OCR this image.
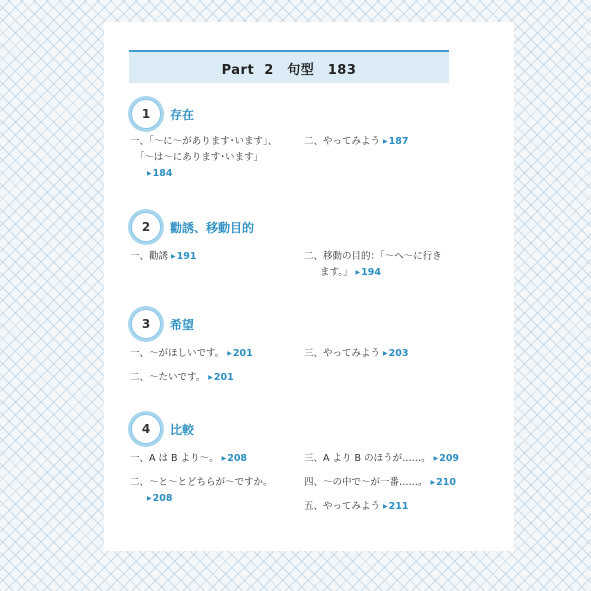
Part 2　句型　183
1 存在
一、「～に～があります･います」、
　「～は～にあります･います」
▶184
二、やってみよう ▶187
2 勸誘、移動目的
一、勸誘 ▶191	二、移動の目的：「～へ～に行き
ます。」 ▶194
3 希望
一、～がほしいです。 ▶201	三、やってみよう ▶203
二、～たいです。 ▶201
4 比較
一、A は B より～。 ▶208	三、A より B のほうが……。 ▶209
二、～と～とどちらが～ですか。
▶208
四、～の中で～が一番……。 ▶210
五、やってみよう ▶211
